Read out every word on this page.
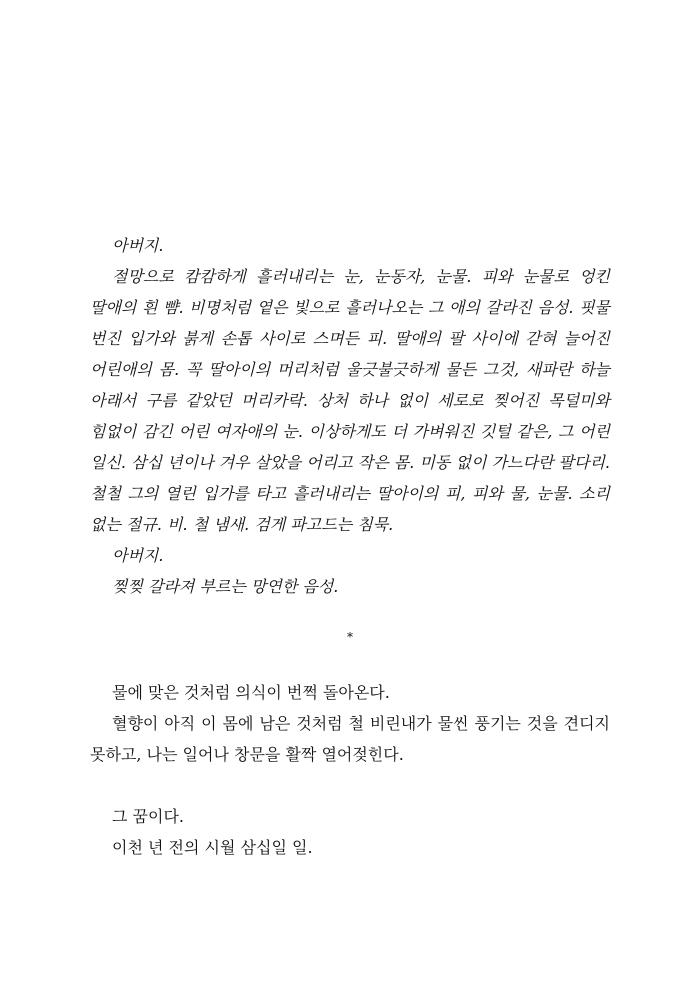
아버지.

절망으로 캄캄하게 흘러내리는 눈, 눈동자, 눈물. 피와 눈물로 엉킨 딸애의 흰 뺨. 비명처럼 옅은 빛으로 흘러나오는 그 애의 갈라진 음성. 핏물 번진 입가와 붉게 손톱 사이로 스며든 피. 딸애의 팔 사이에 갇혀 늘어진 어린애의 몸. 꼭 딸아이의 머리처럼 울긋불긋하게 물든 그것, 새파란 하늘 아래서 구름 같았던 머리카락. 상처 하나 없이 세로로 찢어진 목덜미와 힘없이 감긴 어린 여자애의 눈. 이상하게도 더 가벼워진 깃털 같은, 그 어린 일신. 삼십 년이나 겨우 살았을 어리고 작은 몸. 미동 없이 가느다란 팔다리. 철철 그의 열린 입가를 타고 흘러내리는 딸아이의 피, 피와 물, 눈물. 소리 없는 절규. 비. 철 냄새. 검게 파고드는 침묵.

아버지.

찢찢 갈라져 부르는 망연한 음성.

*

물에 맞은 것처럼 의식이 번쩍 돌아온다.

혈향이 아직 이 몸에 남은 것처럼 철 비린내가 물씬 풍기는 것을 견디지 못하고, 나는 일어나 창문을 활짝 열어젖힌다.

그 꿈이다.

이천 년 전의 시월 삼십일 일.
